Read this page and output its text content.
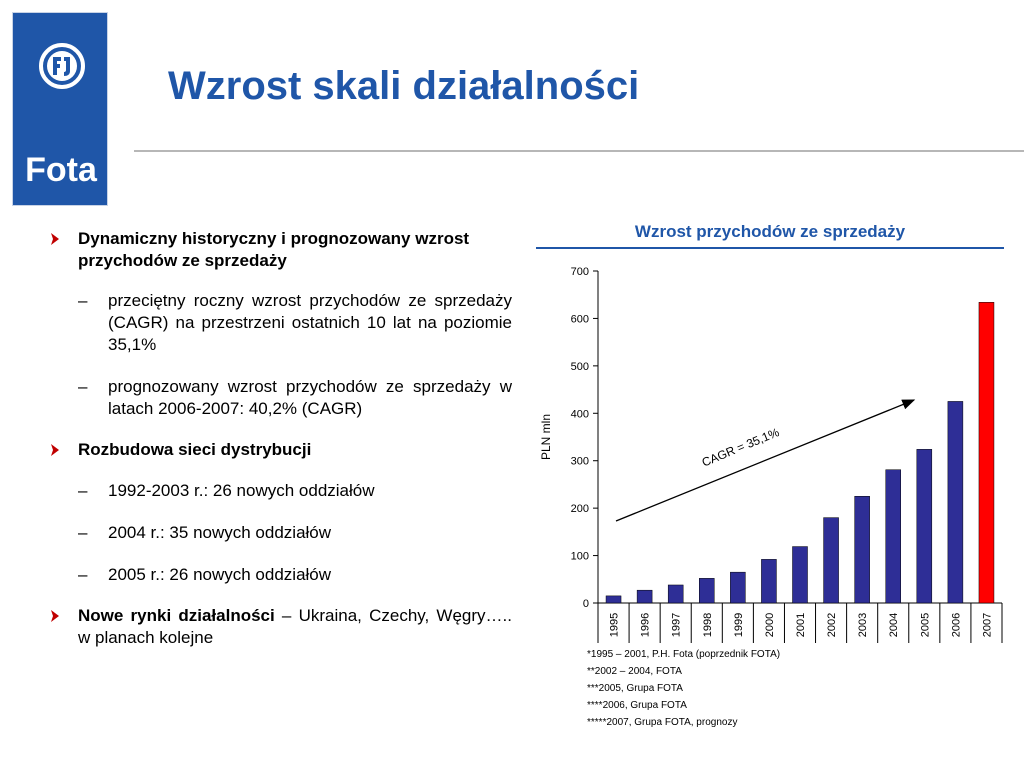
Fota
Wzrost skali działalności
Dynamiczny historyczny i prognozowany wzrost przychodów ze sprzedaży
– przeciętny roczny wzrost przychodów ze sprzedaży (CAGR) na przestrzeni ostatnich 10 lat na poziomie 35,1%
– prognozowany wzrost przychodów ze sprzedaży w latach 2006-2007: 40,2% (CAGR)
Rozbudowa sieci dystrybucji
– 1992-2003 r.: 26 nowych oddziałów
– 2004 r.: 35 nowych oddziałów
– 2005 r.: 26 nowych oddziałów
Nowe rynki działalności – Ukraina, Czechy, Węgry….. w planach kolejne
Wzrost przychodów ze sprzedaży
0
100
200
300
400
500
600
700
PLN mln
1995 1996 1997 1998 1999 2000 2001 2002 2003 2004 2005 2006 2007
CAGR = 35,1%
*1995 – 2001, P.H. Fota (poprzednik FOTA)
**2002 – 2004, FOTA
***2005, Grupa FOTA
****2006, Grupa FOTA
*****2007, Grupa FOTA, prognozy
